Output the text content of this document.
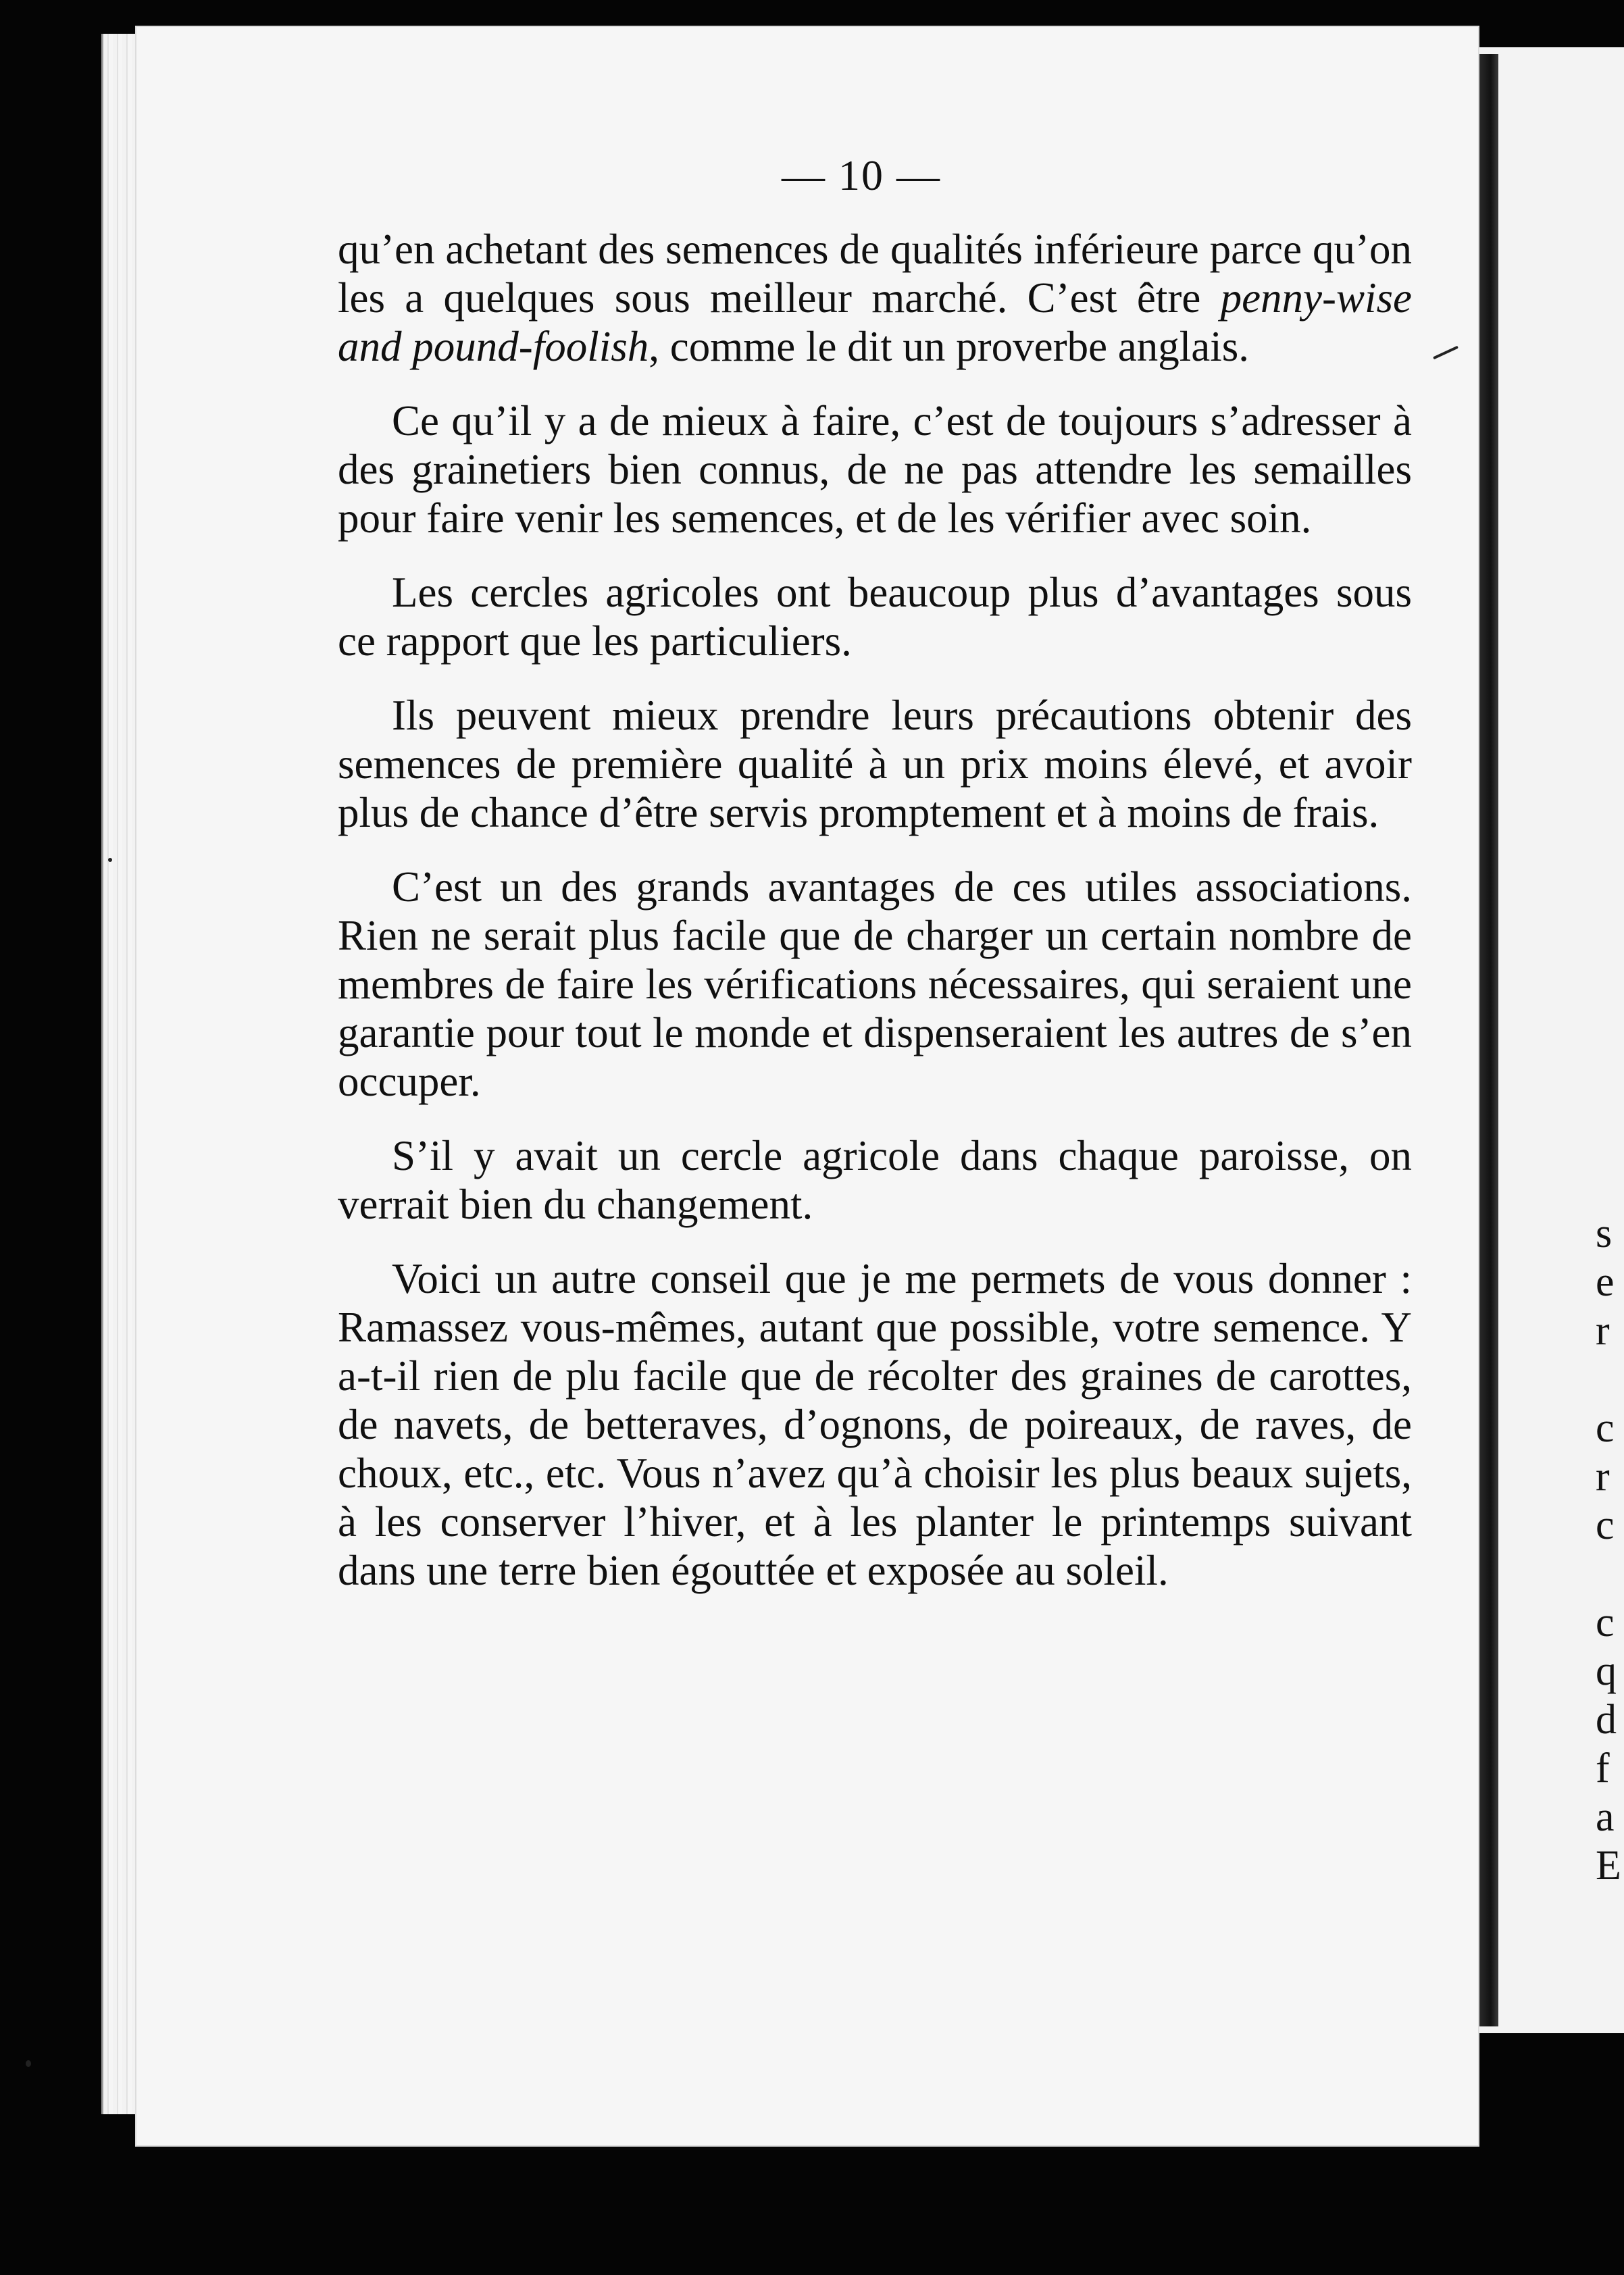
s
e
r
c
r
c
c
q
d
f
a
E
— 10 —

qu’en achetant des semences de qualités inférieure parce qu’on les a quelques sous meilleur marché. C’est être penny-wise and pound-foolish, comme le dit un proverbe anglais.

Ce qu’il y a de mieux à faire, c’est de toujours s’adresser à des grainetiers bien connus, de ne pas attendre les semailles pour faire venir les semences, et de les vérifier avec soin.

Les cercles agricoles ont beaucoup plus d’avantages sous ce rapport que les particuliers.

Ils peuvent mieux prendre leurs précautions obtenir des semences de première qualité à un prix moins élevé, et avoir plus de chance d’être servis promptement et à moins de frais.

C’est un des grands avantages de ces utiles associations. Rien ne serait plus facile que de charger un certain nombre de membres de faire les vérifications nécessaires, qui seraient une garantie pour tout le monde et dispenseraient les autres de s’en occuper.

S’il y avait un cercle agricole dans chaque paroisse, on verrait bien du changement.

Voici un autre conseil que je me permets de vous donner : Ramassez vous-mêmes, autant que possible, votre semence. Y a-t-il rien de plu facile que de récolter des graines de carottes, de navets, de betteraves, d’ognons, de poireaux, de raves, de choux, etc., etc. Vous n’avez qu’à choisir les plus beaux sujets, à les conserver l’hiver, et à les planter le printemps suivant dans une terre bien égouttée et exposée au soleil.
